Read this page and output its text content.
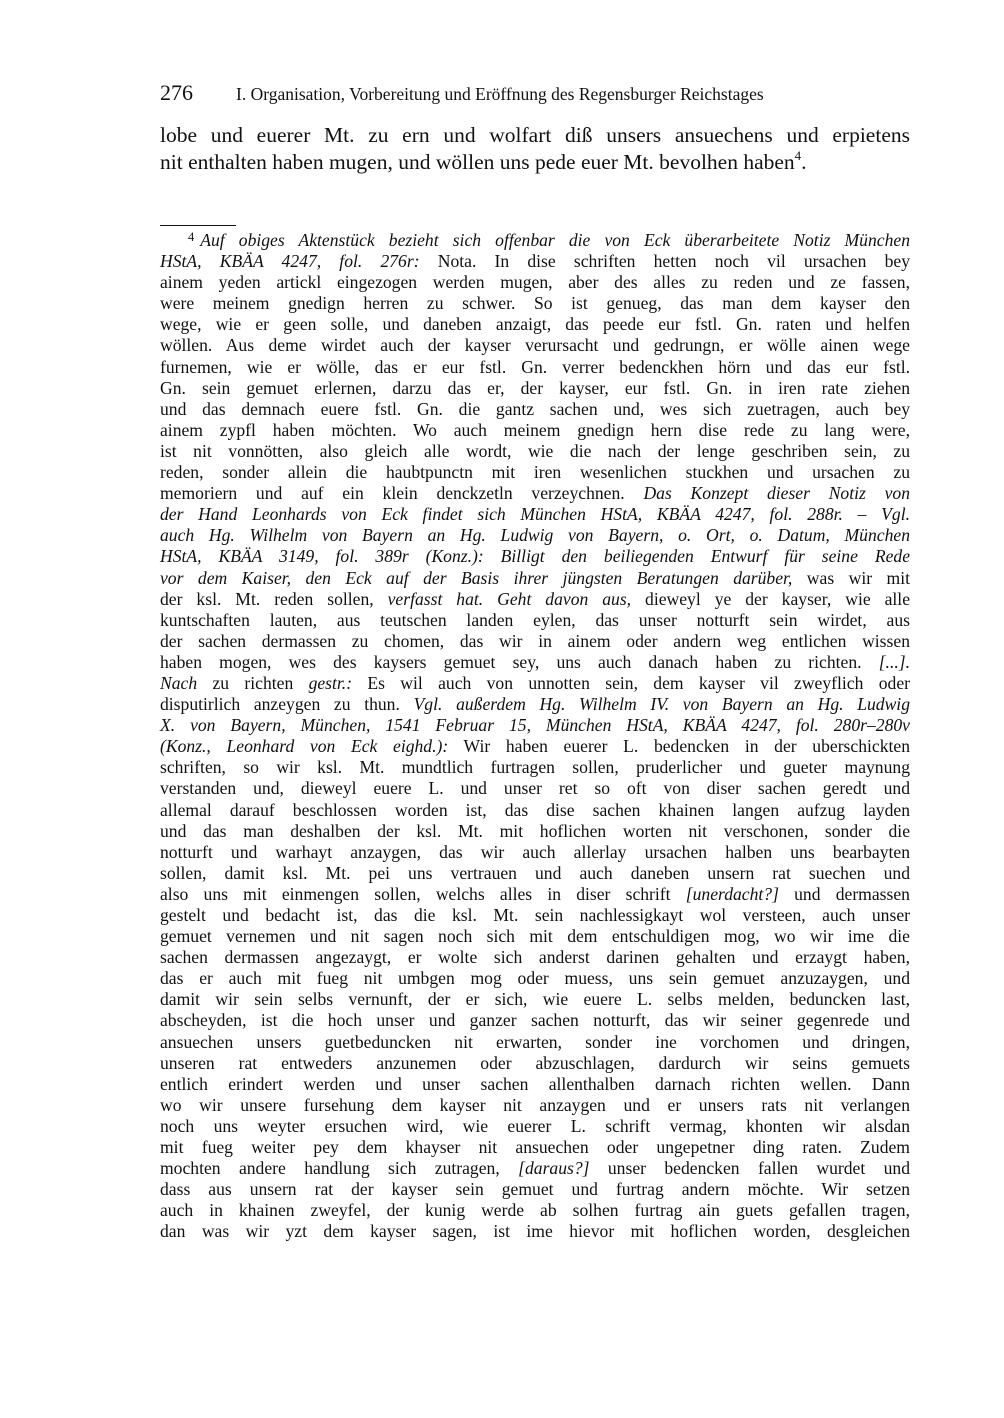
276 I. Organisation, Vorbereitung und Eröffnung des Regensburger Reichstages
lobe und euerer Mt. zu ern und wolfart diß unsers ansuechens und erpietens
nit enthalten haben mugen, und wöllen uns pede euer Mt. bevolhen haben$^4$.
4 Auf obiges Aktenstück bezieht sich offenbar die von Eck überarbeitete Notiz München
HStA, KBÄA 4247, fol. 276r: Nota. In dise schriften hetten noch vil ursachen bey
ainem yeden artickl eingezogen werden mugen, aber des alles zu reden und ze fassen,
were meinem gnedign herren zu schwer. So ist genueg, das man dem kayser den
wege, wie er geen solle, und daneben anzaigt, das peede eur fstl. Gn. raten und helfen
wöllen. Aus deme wirdet auch der kayser verursacht und gedrungn, er wölle ainen wege
furnemen, wie er wölle, das er eur fstl. Gn. verrer bedenckhen hörn und das eur fstl.
Gn. sein gemuet erlernen, darzu das er, der kayser, eur fstl. Gn. in iren rate ziehen
und das demnach euere fstl. Gn. die gantz sachen und, wes sich zuetragen, auch bey
ainem zypfl haben möchten. Wo auch meinem gnedign hern dise rede zu lang were,
ist nit vonnötten, also gleich alle wordt, wie die nach der lenge geschriben sein, zu
reden, sonder allein die haubtpunctn mit iren wesenlichen stuckhen und ursachen zu
memoriern und auf ein klein denckzetln verzeychnen. Das Konzept dieser Notiz von
der Hand Leonhards von Eck findet sich München HStA, KBÄA 4247, fol. 288r. – Vgl.
auch Hg. Wilhelm von Bayern an Hg. Ludwig von Bayern, o. Ort, o. Datum, München
HStA, KBÄA 3149, fol. 389r (Konz.): Billigt den beiliegenden Entwurf für seine Rede
vor dem Kaiser, den Eck auf der Basis ihrer jüngsten Beratungen darüber, was wir mit
der ksl. Mt. reden sollen, verfasst hat. Geht davon aus, dieweyl ye der kayser, wie alle
kuntschaften lauten, aus teutschen landen eylen, das unser notturft sein wirdet, aus
der sachen dermassen zu chomen, das wir in ainem oder andern weg entlichen wissen
haben mogen, wes des kaysers gemuet sey, uns auch danach haben zu richten. [...].
Nach zu richten gestr.: Es wil auch von unnotten sein, dem kayser vil zweyflich oder
disputirlich anzeygen zu thun. Vgl. außerdem Hg. Wilhelm IV. von Bayern an Hg. Ludwig
X. von Bayern, München, 1541 Februar 15, München HStA, KBÄA 4247, fol. 280r–280v
(Konz., Leonhard von Eck eighd.): Wir haben euerer L. bedencken in der uberschickten
schriften, so wir ksl. Mt. mundtlich furtragen sollen, pruderlicher und gueter maynung
verstanden und, dieweyl euere L. und unser ret so oft von diser sachen geredt und
allemal darauf beschlossen worden ist, das dise sachen khainen langen aufzug layden
und das man deshalben der ksl. Mt. mit hoflichen worten nit verschonen, sonder die
notturft und warhayt anzaygen, das wir auch allerlay ursachen halben uns bearbayten
sollen, damit ksl. Mt. pei uns vertrauen und auch daneben unsern rat suechen und
also uns mit einmengen sollen, welchs alles in diser schrift [unerdacht?] und dermassen
gestelt und bedacht ist, das die ksl. Mt. sein nachlessigkayt wol versteen, auch unser
gemuet vernemen und nit sagen noch sich mit dem entschuldigen mog, wo wir ime die
sachen dermassen angezaygt, er wolte sich anderst darinen gehalten und erzaygt haben,
das er auch mit fueg nit umbgen mog oder muess, uns sein gemuet anzuzaygen, und
damit wir sein selbs vernunft, der er sich, wie euere L. selbs melden, beduncken last,
abscheyden, ist die hoch unser und ganzer sachen notturft, das wir seiner gegenrede und
ansuechen unsers guetbeduncken nit erwarten, sonder ine vorchomen und dringen,
unseren rat entweders anzunemen oder abzuschlagen, dardurch wir seins gemuets
entlich erindert werden und unser sachen allenthalben darnach richten wellen. Dann
wo wir unsere fursehung dem kayser nit anzaygen und er unsers rats nit verlangen
noch uns weyter ersuchen wird, wie euerer L. schrift vermag, khonten wir alsdan
mit fueg weiter pey dem khayser nit ansuechen oder ungepetner ding raten. Zudem
mochten andere handlung sich zutragen, [daraus?] unser bedencken fallen wurdet und
dass aus unsern rat der kayser sein gemuet und furtrag andern möchte. Wir setzen
auch in khainen zweyfel, der kunig werde ab solhen furtrag ain guets gefallen tragen,
dan was wir yzt dem kayser sagen, ist ime hievor mit hoflichen worden, desgleichen
